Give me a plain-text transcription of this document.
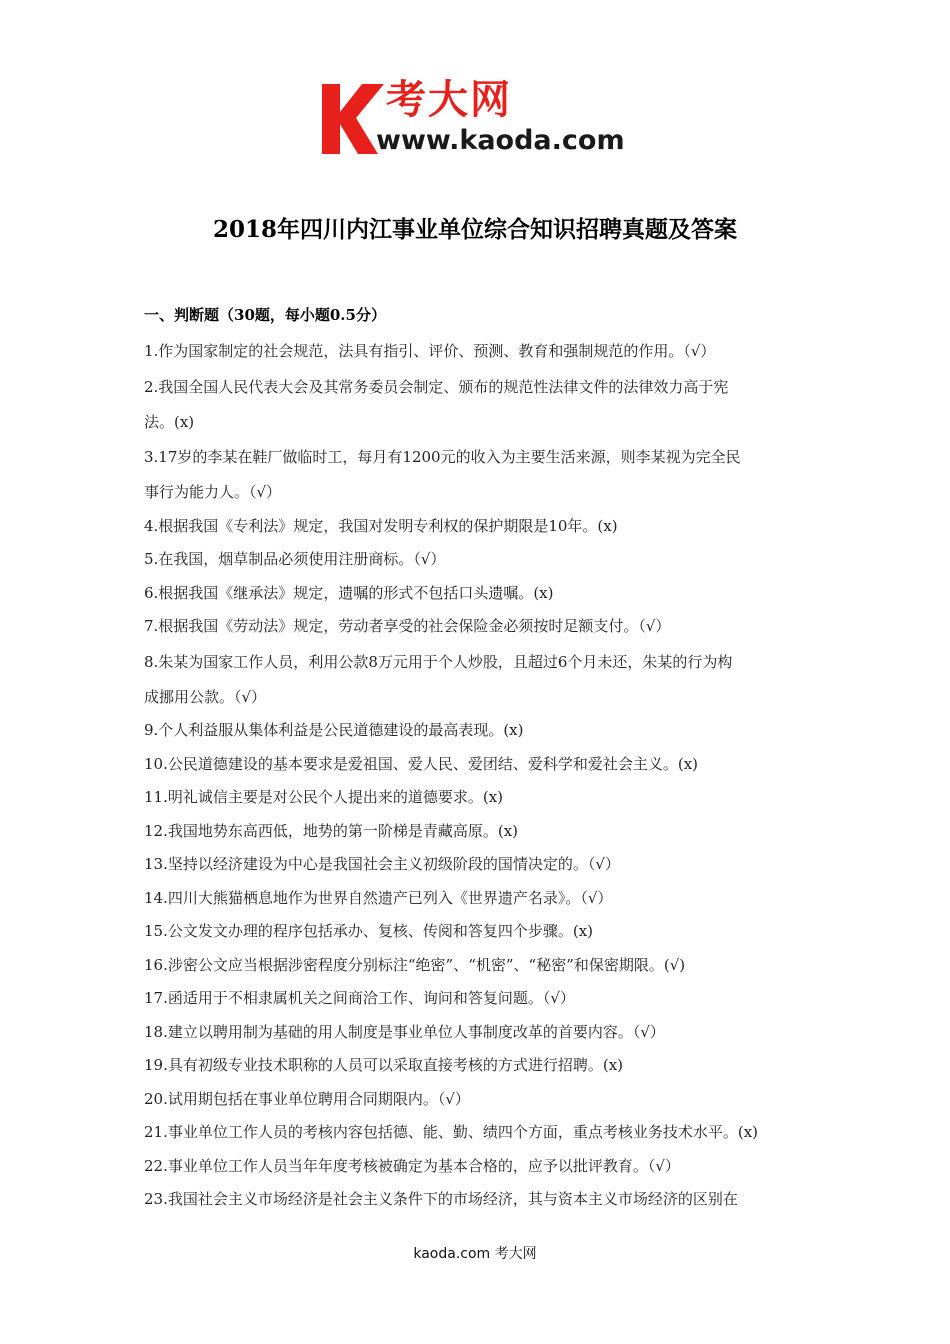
考大网
www.kaoda.com
2018年四川内江事业单位综合知识招聘真题及答案
一、判断题（30题，每小题0.5分）
1.作为国家制定的社会规范，法具有指引、评价、预测、教育和强制规范的作用。（√）
2.我国全国人民代表大会及其常务委员会制定、颁布的规范性法律文件的法律效力高于宪
法。(x)
3.17岁的李某在鞋厂做临时工，每月有1200元的收入为主要生活来源，则李某视为完全民
事行为能力人。（√）
4.根据我国《专利法》规定，我国对发明专利权的保护期限是10年。(x)
5.在我国，烟草制品必须使用注册商标。（√）
6.根据我国《继承法》规定，遗嘱的形式不包括口头遗嘱。(x)
7.根据我国《劳动法》规定，劳动者享受的社会保险金必须按时足额支付。（√）
8.朱某为国家工作人员，利用公款8万元用于个人炒股，且超过6个月未还，朱某的行为构
成挪用公款。（√）
9.个人利益服从集体利益是公民道德建设的最高表现。(x)
10.公民道德建设的基本要求是爱祖国、爱人民、爱团结、爱科学和爱社会主义。(x)
11.明礼诚信主要是对公民个人提出来的道德要求。(x)
12.我国地势东高西低，地势的第一阶梯是青藏高原。(x)
13.坚持以经济建设为中心是我国社会主义初级阶段的国情决定的。（√）
14.四川大熊猫栖息地作为世界自然遗产已列入《世界遗产名录》。（√）
15.公文发文办理的程序包括承办、复核、传阅和答复四个步骤。(x)
16.涉密公文应当根据涉密程度分别标注“绝密”、“机密”、“秘密”和保密期限。(√)
17.函适用于不相隶属机关之间商洽工作、询问和答复问题。（√）
18.建立以聘用制为基础的用人制度是事业单位人事制度改革的首要内容。（√）
19.具有初级专业技术职称的人员可以采取直接考核的方式进行招聘。(x)
20.试用期包括在事业单位聘用合同期限内。（√）
21.事业单位工作人员的考核内容包括德、能、勤、绩四个方面，重点考核业务技术水平。(x)
22.事业单位工作人员当年年度考核被确定为基本合格的，应予以批评教育。（√）
23.我国社会主义市场经济是社会主义条件下的市场经济，其与资本主义市场经济的区别在
kaoda.com 考大网
